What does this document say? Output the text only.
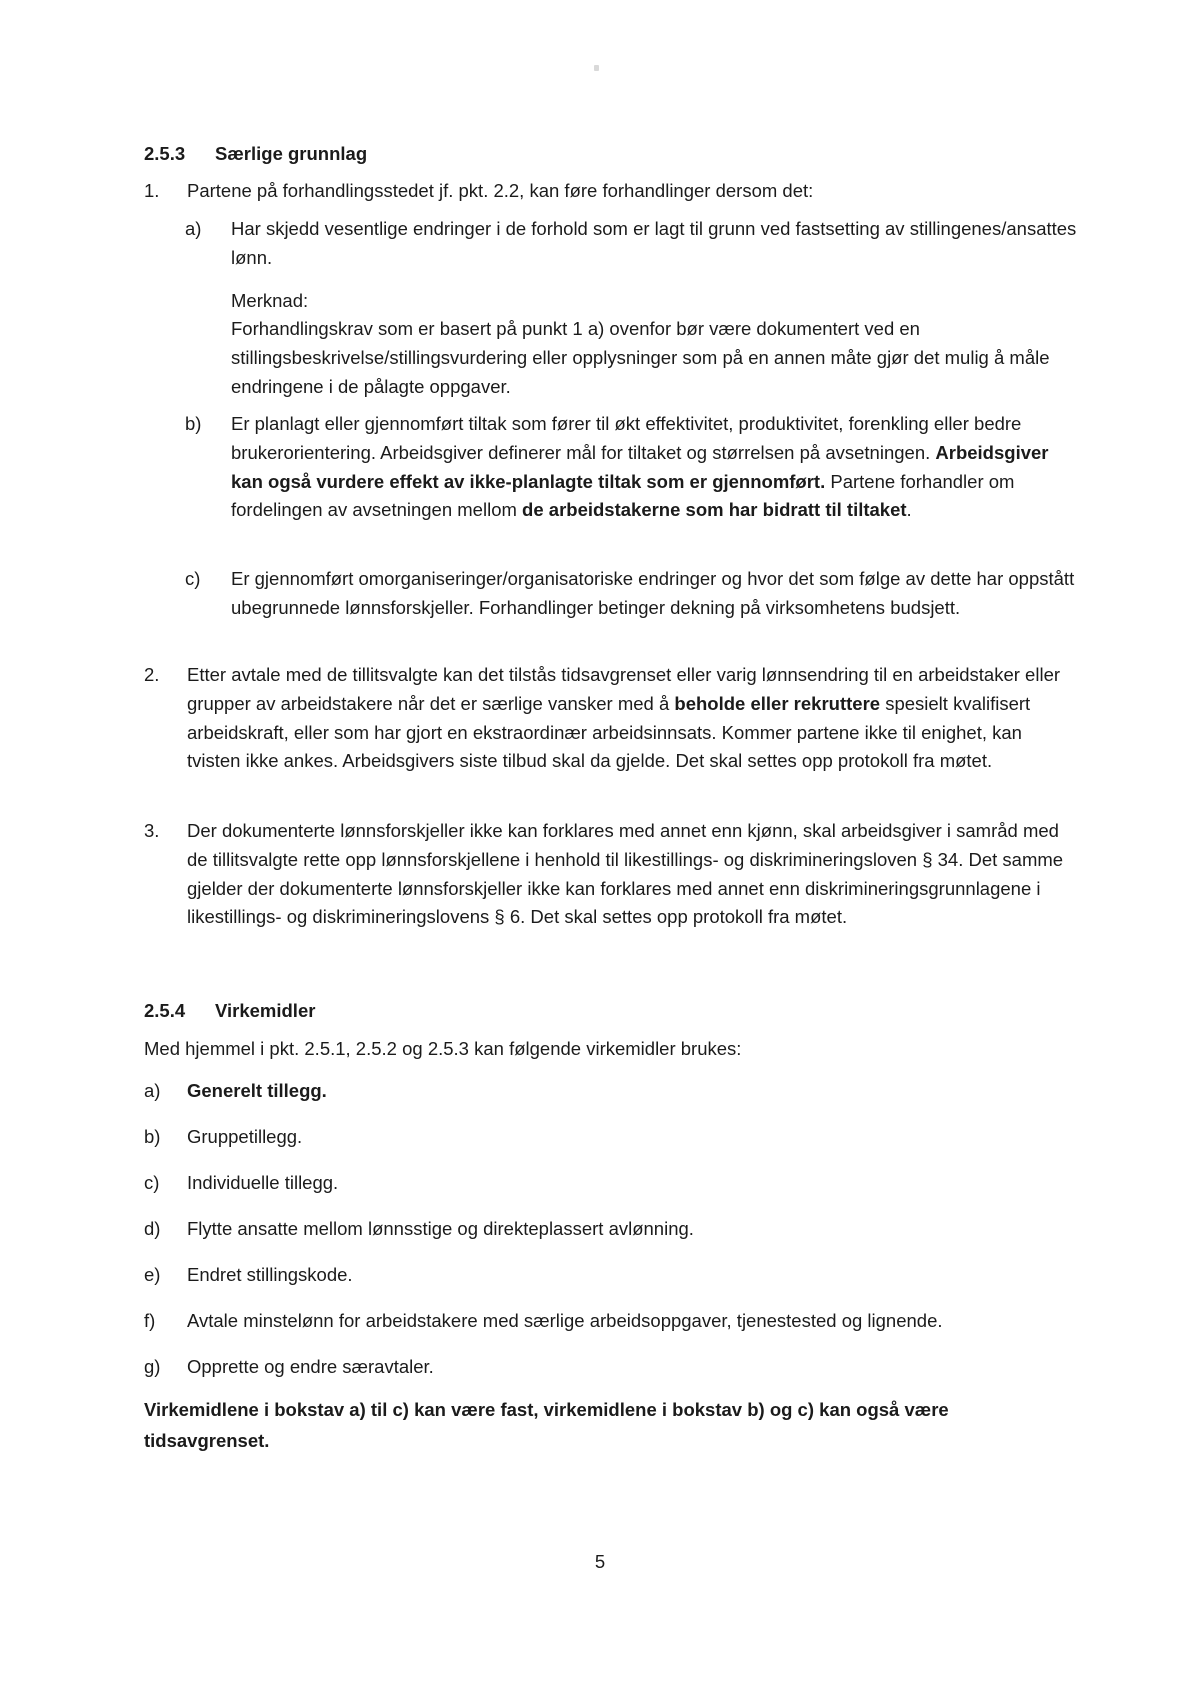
2.5.3 Særlige grunnlag
1. Partene på forhandlingsstedet jf. pkt. 2.2, kan føre forhandlinger dersom det:
a) Har skjedd vesentlige endringer i de forhold som er lagt til grunn ved fastsetting av stillingenes/ansattes lønn.
Merknad:
Forhandlingskrav som er basert på punkt 1 a) ovenfor bør være dokumentert ved en stillingsbeskrivelse/stillingsvurdering eller opplysninger som på en annen måte gjør det mulig å måle endringene i de pålagte oppgaver.
b) Er planlagt eller gjennomført tiltak som fører til økt effektivitet, produktivitet, forenkling eller bedre brukerorientering. Arbeidsgiver definerer mål for tiltaket og størrelsen på avsetningen. Arbeidsgiver kan også vurdere effekt av ikke-planlagte tiltak som er gjennomført. Partene forhandler om fordelingen av avsetningen mellom de arbeidstakerne som har bidratt til tiltaket.
c) Er gjennomført omorganiseringer/organisatoriske endringer og hvor det som følge av dette har oppstått ubegrunnede lønnsforskjeller. Forhandlinger betinger dekning på virksomhetens budsjett.
2. Etter avtale med de tillitsvalgte kan det tilstås tidsavgrenset eller varig lønnsendring til en arbeidstaker eller grupper av arbeidstakere når det er særlige vansker med å beholde eller rekruttere spesielt kvalifisert arbeidskraft, eller som har gjort en ekstraordinær arbeidsinnsats. Kommer partene ikke til enighet, kan tvisten ikke ankes. Arbeidsgivers siste tilbud skal da gjelde. Det skal settes opp protokoll fra møtet.
3. Der dokumenterte lønnsforskjeller ikke kan forklares med annet enn kjønn, skal arbeidsgiver i samråd med de tillitsvalgte rette opp lønnsforskjellene i henhold til likestillings- og diskrimineringsloven § 34. Det samme gjelder der dokumenterte lønnsforskjeller ikke kan forklares med annet enn diskrimineringsgrunnlagene i likestillings- og diskrimineringslovens § 6. Det skal settes opp protokoll fra møtet.
2.5.4 Virkemidler
Med hjemmel i pkt. 2.5.1, 2.5.2 og 2.5.3 kan følgende virkemidler brukes:
a) Generelt tillegg.
b) Gruppetillegg.
c) Individuelle tillegg.
d) Flytte ansatte mellom lønnsstige og direkteplassert avlønning.
e) Endret stillingskode.
f) Avtale minstelønn for arbeidstakere med særlige arbeidsoppgaver, tjenestested og lignende.
g) Opprette og endre særavtaler.
Virkemidlene i bokstav a) til c) kan være fast, virkemidlene i bokstav b) og c) kan også være tidsavgrenset.
5
